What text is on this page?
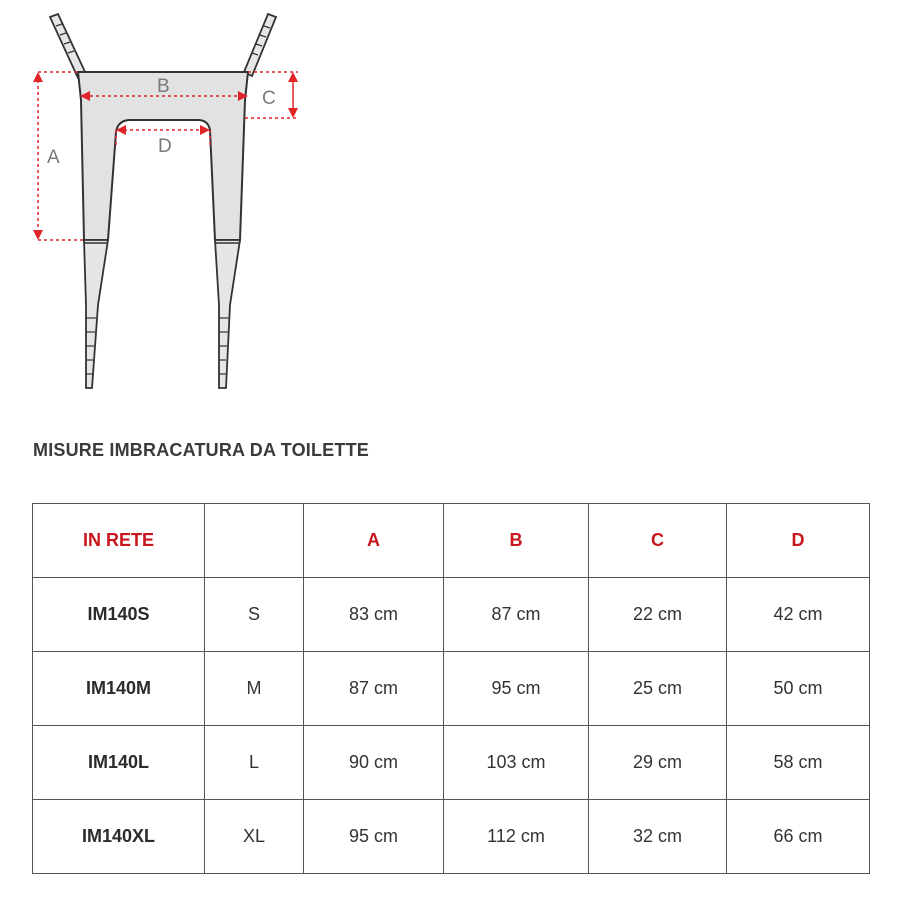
A
B
C
D
MISURE IMBRACATURA DA TOILETTE
IN RETE		A	B	C	D
IM140S	S	83 cm	87 cm	22 cm	42 cm
IM140M	M	87 cm	95 cm	25 cm	50 cm
IM140L	L	90 cm	103 cm	29 cm	58 cm
IM140XL	XL	95 cm	112 cm	32 cm	66 cm
